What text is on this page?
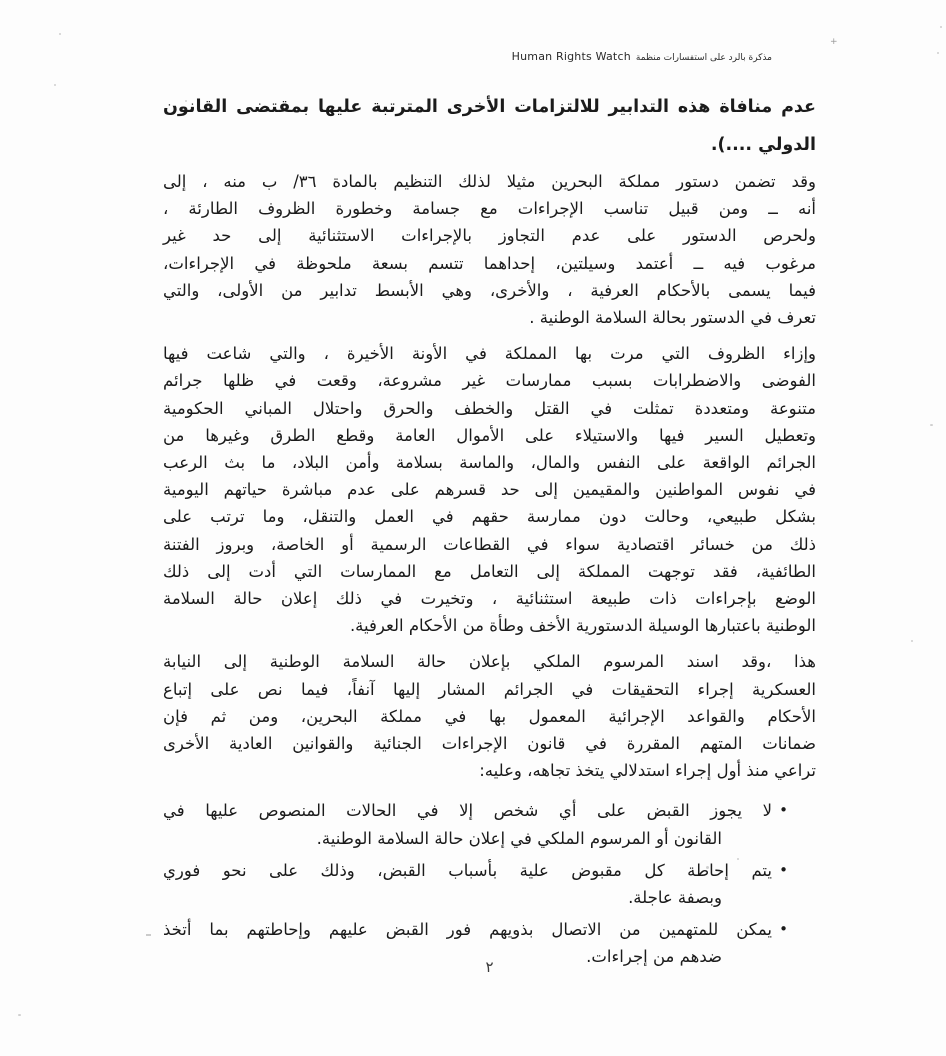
مذكرة بالرد على استفسارات منظمةHuman Rights Watch
عدم منافاة هذه التدابير للالتزامات الأخرى المترتبة عليها بمقتضى القانون
الدولي ....).
وقد تضمن دستور مملكة البحرين مثيلا لذلك التنظيم بالمادة ٣٦/ ب منه ، إلى
أنه ــ ومن قبيل تناسب الإجراءات مع جسامة وخطورة الظروف الطارئة ،
ولحرص الدستور على عدم التجاوز بالإجراءات الاستثنائية إلى حد غير
مرغوب فيه ــ أعتمد وسيلتين، إحداهما تتسم بسعة ملحوظة في الإجراءات،
فيما يسمى بالأحكام العرفية ، والأخرى، وهي الأبسط تدابير من الأولى، والتي
تعرف في الدستور بحالة السلامة الوطنية .
وإزاء الظروف التي مرت بها المملكة في الأونة الأخيرة ، والتي شاعت فيها
الفوضى والاضطرابات بسبب ممارسات غير مشروعة، وقعت في ظلها جرائم
متنوعة ومتعددة تمثلت في القتل والخطف والحرق واحتلال المباني الحكومية
وتعطيل السير فيها والاستيلاء على الأموال العامة وقطع الطرق وغيرها من
الجرائم الواقعة على النفس والمال، والماسة بسلامة وأمن البلاد، ما بث الرعب
في نفوس المواطنين والمقيمين إلى حد قسرهم على عدم مباشرة حياتهم اليومية
بشكل طبيعي، وحالت دون ممارسة حقهم في العمل والتنقل، وما ترتب على
ذلك من خسائر اقتصادية سواء في القطاعات الرسمية أو الخاصة، وبروز الفتنة
الطائفية، فقد توجهت المملكة إلى التعامل مع الممارسات التي أدت إلى ذلك
الوضع بإجراءات ذات طبيعة استثنائية ، وتخيرت في ذلك إعلان حالة السلامة
الوطنية باعتبارها الوسيلة الدستورية الأخف وطأة من الأحكام العرفية.
هذا ،وقد اسند المرسوم الملكي بإعلان حالة السلامة الوطنية إلى النيابة
العسكرية إجراء التحقيقات في الجرائم المشار إليها آنفاً، فيما نص على إتباع
الأحكام والقواعد الإجرائية المعمول بها في مملكة البحرين، ومن ثم فإن
ضمانات المتهم المقررة في قانون الإجراءات الجنائية والقوانين العادية الأخرى
تراعي منذ أول إجراء استدلالي يتخذ تجاهه، وعليه:
•
لا يجوز القبض على أي شخص إلا في الحالات المنصوص عليها في
القانون أو المرسوم الملكي في إعلان حالة السلامة الوطنية.
•
يتم إحاطة كل مقبوض علية بأسباب القبض، وذلك على نحو فوري
وبصفة عاجلة.
•
يمكن للمتهمين من الاتصال بذويهم فور القبض عليهم وإحاطتهم بما أتخذ
ضدهم من إجراءات.
٢
+
